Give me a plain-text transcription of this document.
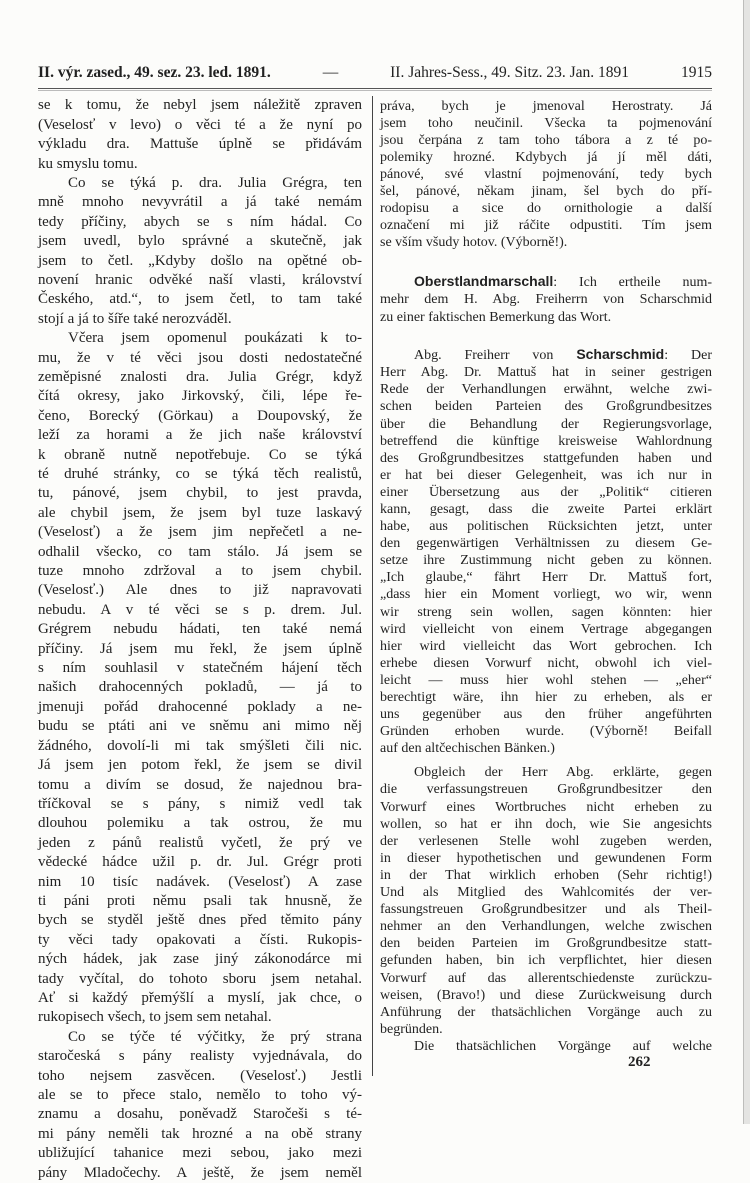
II. výr. zased., 49. sez. 23. led. 1891.	—	II. Jahres-Sess., 49. Sitz. 23. Jan. 1891	1915
se k tomu, že nebyl jsem náležitě zpraven
(Veselosť v levo) o věci té a že nyní po
výkladu dra. Mattuše úplně se přidávám
ku smyslu tomu.
Co se týká p. dra. Julia Grégra, ten
mně mnoho nevyvrátil a já také nemám
tedy příčiny, abych se s ním hádal. Co
jsem uvedl, bylo správné a skutečně, jak
jsem to četl. „Kdyby došlo na opětné ob-
novení hranic odvěké naší vlasti, království
Českého, atd.“, to jsem četl, to tam také
stojí a já to šíře také nerozváděl.
Včera jsem opomenul poukázati k to-
mu, že v té věci jsou dosti nedostatečné
zeměpisné znalosti dra. Julia Grégr, když
čítá okresy, jako Jirkovský, čili, lépe ře-
čeno, Borecký (Görkau) a Doupovský, že
leží za horami a že jich naše království
k obraně nutně nepotřebuje. Co se týká
té druhé stránky, co se týká těch realistů,
tu, pánové, jsem chybil, to jest pravda,
ale chybil jsem, že jsem byl tuze laskavý
(Veselosť) a že jsem jim nepřečetl a ne-
odhalil všecko, co tam stálo. Já jsem se
tuze mnoho zdržoval a to jsem chybil.
(Veselosť.) Ale dnes to již napravovati
nebudu. A v té věci se s p. drem. Jul.
Grégrem nebudu hádati, ten také nemá
příčiny. Já jsem mu řekl, že jsem úplně
s ním souhlasil v statečném hájení těch
našich drahocenných pokladů, — já to
jmenuji pořád drahocenné poklady a ne-
budu se ptáti ani ve sněmu ani mimo něj
žádného, dovolí-li mi tak smýšleti čili nic.
Já jsem jen potom řekl, že jsem se divil
tomu a divím se dosud, že najednou bra-
tříčkoval se s pány, s nimiž vedl tak
dlouhou polemiku a tak ostrou, že mu
jeden z pánů realistů vyčetl, že prý ve
vědecké hádce užil p. dr. Jul. Grégr proti
nim 10 tisíc nadávek. (Veselosť) A zase
ti páni proti němu psali tak hnusně, že
bych se styděl ještě dnes před těmito pány
ty věci tady opakovati a čísti. Rukopis-
ných hádek, jak zase jiný zákonodárce mi
tady vyčítal, do tohoto sboru jsem netahal.
Ať si každý přemýšlí a myslí, jak chce, o
rukopisech všech, to jsem sem netahal.
Co se týče té výčitky, že prý strana
staročeská s pány realisty vyjednávala, do
toho nejsem zasvěcen. (Veselosť.) Jestli
ale se to přece stalo, nemělo to toho vý-
znamu a dosahu, poněvadž Staročeši s té-
mi pány neměli tak hrozné a na obě strany
ubližující tahanice mezi sebou, jako mezi
pány Mladočechy. A ještě, že jsem neměl
práva, bych je jmenoval Herostraty. Já
jsem toho neučinil. Všecka ta pojmenování
jsou čerpána z tam toho tábora a z té po-
polemiky hrozné. Kdybych já jí měl dáti,
pánové, své vlastní pojmenování, tedy bych
šel, pánové, někam jinam, šel bych do pří-
rodopisu a sice do ornithologie a další
označení mi již ráčite odpustiti. Tím jsem
se vším všudy hotov. (Výborně!).
Oberstlandmarschall: Ich ertheile num-
mehr dem H. Abg. Freiherrn von Scharschmid
zu einer faktischen Bemerkung das Wort.
Abg. Freiherr von Scharschmid: Der
Herr Abg. Dr. Mattuš hat in seiner gestrigen
Rede der Verhandlungen erwähnt, welche zwi-
schen beiden Parteien des Großgrundbesitzes
über die Behandlung der Regierungsvorlage,
betreffend die künftige kreisweise Wahlordnung
des Großgrundbesitzes stattgefunden haben und
er hat bei dieser Gelegenheit, was ich nur in
einer Übersetzung aus der „Politik“ citieren
kann, gesagt, dass die zweite Partei erklärt
habe, aus politischen Rücksichten jetzt, unter
den gegenwärtigen Verhältnissen zu diesem Ge-
setze ihre Zustimmung nicht geben zu können.
„Ich glaube,“ fährt Herr Dr. Mattuš fort,
„dass hier ein Moment vorliegt, wo wir, wenn
wir streng sein wollen, sagen könnten: hier
wird vielleicht von einem Vertrage abgegangen
hier wird vielleicht das Wort gebrochen. Ich
erhebe diesen Vorwurf nicht, obwohl ich viel-
leicht — muss hier wohl stehen — „eher“
berechtigt wäre, ihn hier zu erheben, als er
uns gegenüber aus den früher angeführten
Gründen erhoben wurde. (Výborně! Beifall
auf den altčechischen Bänken.)
Obgleich der Herr Abg. erklärte, gegen
die verfassungstreuen Großgrundbesitzer den
Vorwurf eines Wortbruches nicht erheben zu
wollen, so hat er ihn doch, wie Sie angesichts
der verlesenen Stelle wohl zugeben werden,
in dieser hypothetischen und gewundenen Form
in der That wirklich erhoben (Sehr richtig!)
Und als Mitglied des Wahlcomités der ver-
fassungstreuen Großgrundbesitzer und als Theil-
nehmer an den Verhandlungen, welche zwischen
den beiden Parteien im Großgrundbesitze statt-
gefunden haben, bin ich verpflichtet, hier diesen
Vorwurf auf das allerentschiedenste zurückzu-
weisen, (Bravo!) und diese Zurückweisung durch
Anführung der thatsächlichen Vorgänge auch zu
begründen.
Die thatsächlichen Vorgänge auf welche
262
